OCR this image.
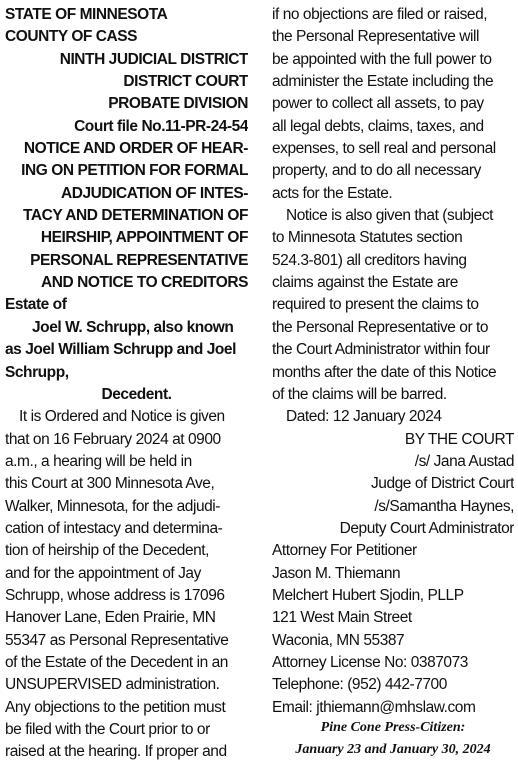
STATE OF MINNESOTA
COUNTY OF CASS
NINTH JUDICIAL DISTRICT
DISTRICT COURT
PROBATE DIVISION
Court file No.11-PR-24-54
NOTICE AND ORDER OF HEAR-
ING ON PETITION FOR FORMAL
ADJUDICATION OF INTES-
TACY AND DETERMINATION OF
HEIRSHIP, APPOINTMENT OF
PERSONAL REPRESENTATIVE
AND NOTICE TO CREDITORS
Estate of
Joel W. Schrupp, also known
as Joel William Schrupp and Joel
Schrupp,
Decedent.
It is Ordered and Notice is given
that on 16 February 2024 at 0900
a.m., a hearing will be held in
this Court at 300 Minnesota Ave,
Walker, Minnesota, for the adjudi-
cation of intestacy and determina-
tion of heirship of the Decedent,
and for the appointment of Jay
Schrupp, whose address is 17096
Hanover Lane, Eden Prairie, MN
55347 as Personal Representative
of the Estate of the Decedent in an
UNSUPERVISED administration.
Any objections to the petition must
be filed with the Court prior to or
raised at the hearing. If proper and
if no objections are filed or raised,
the Personal Representative will
be appointed with the full power to
administer the Estate including the
power to collect all assets, to pay
all legal debts, claims, taxes, and
expenses, to sell real and personal
property, and to do all necessary
acts for the Estate.
Notice is also given that (subject
to Minnesota Statutes section
524.3-801) all creditors having
claims against the Estate are
required to present the claims to
the Personal Representative or to
the Court Administrator within four
months after the date of this Notice
of the claims will be barred.
Dated: 12 January 2024
BY THE COURT
/s/ Jana Austad
Judge of District Court
/s/Samantha Haynes,
Deputy Court Administrator
Attorney For Petitioner
Jason M. Thiemann
Melchert Hubert Sjodin, PLLP
121 West Main Street
Waconia, MN 55387
Attorney License No: 0387073
Telephone: (952) 442-7700
Email: jthiemann@mhslaw.com
Pine Cone Press-Citizen:
January 23 and January 30, 2024
